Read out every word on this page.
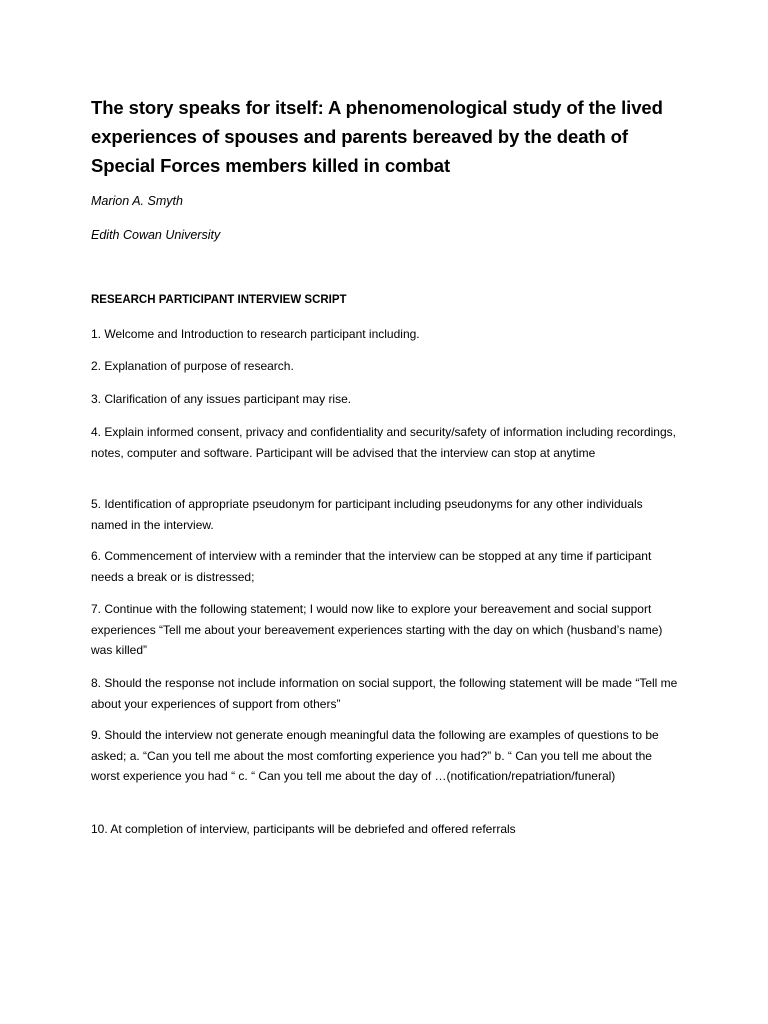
The story speaks for itself: A phenomenological study of the lived experiences of spouses and parents bereaved by the death of Special Forces members killed in combat

Marion A. Smyth

Edith Cowan University

RESEARCH PARTICIPANT INTERVIEW SCRIPT

1. Welcome and Introduction to research participant including.

2. Explanation of purpose of research.

3. Clarification of any issues participant may rise.

4. Explain informed consent, privacy and confidentiality and security/safety of information including recordings, notes, computer and software. Participant will be advised that the interview can stop at anytime

5. Identification of appropriate pseudonym for participant including pseudonyms for any other individuals named in the interview.

6. Commencement of interview with a reminder that the interview can be stopped at any time if participant needs a break or is distressed;

7. Continue with the following statement; I would now like to explore your bereavement and social support experiences “Tell me about your bereavement experiences starting with the day on which (husband’s name) was killed”

8. Should the response not include information on social support, the following statement will be made “Tell me about your experiences of support from others”

9. Should the interview not generate enough meaningful data the following are examples of questions to be asked; a. “Can you tell me about the most comforting experience you had?” b. “ Can you tell me about the worst experience you had “ c. “ Can you tell me about the day of …(notification/repatriation/funeral)

10. At completion of interview, participants will be debriefed and offered referrals
